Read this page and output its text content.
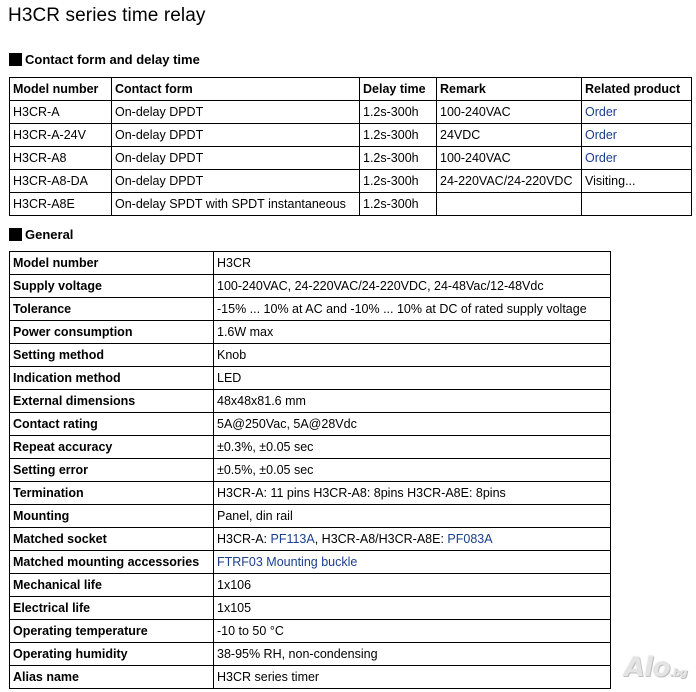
H3CR series time relay
Contact form and delay time
Model number	Contact form	Delay time	Remark	Related product
H3CR-A	On-delay DPDT	1.2s-300h	100-240VAC	Order
H3CR-A-24V	On-delay DPDT	1.2s-300h	24VDC	Order
H3CR-A8	On-delay DPDT	1.2s-300h	100-240VAC	Order
H3CR-A8-DA	On-delay DPDT	1.2s-300h	24-220VAC/24-220VDC	Visiting...
H3CR-A8E	On-delay SPDT with SPDT instantaneous	1.2s-300h		
General
Model number	H3CR
Supply voltage	100-240VAC, 24-220VAC/24-220VDC, 24-48Vac/12-48Vdc
Tolerance	-15% ... 10% at AC and -10% ... 10% at DC of rated supply voltage
Power consumption	1.6W max
Setting method	Knob
Indication method	LED
External dimensions	48x48x81.6 mm
Contact rating	5A@250Vac, 5A@28Vdc
Repeat accuracy	±0.3%, ±0.05 sec
Setting error	±0.5%, ±0.05 sec
Termination	H3CR-A: 11 pins H3CR-A8: 8pins H3CR-A8E: 8pins
Mounting	Panel, din rail
Matched socket	H3CR-A: PF113A, H3CR-A8/H3CR-A8E: PF083A
Matched mounting accessories	FTRF03 Mounting buckle
Mechanical life	1x106
Electrical life	1x105
Operating temperature	-10 to 50 °C
Operating humidity	38-95% RH, non-condensing
Alias name	H3CR series timer	Alo.bg
